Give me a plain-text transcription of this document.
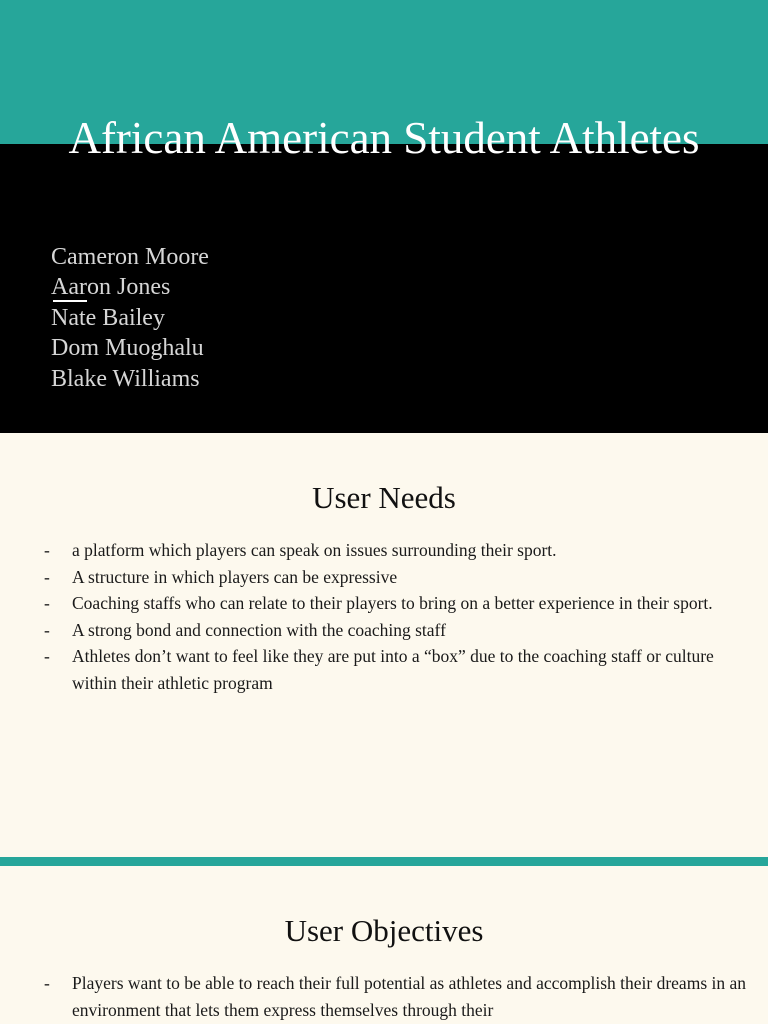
African American Student Athletes
Cameron Moore
Aaron Jones
Nate Bailey
Dom Muoghalu
Blake Williams
User Needs
- a platform which players can speak on issues surrounding their sport.
- A structure in which players can be expressive
- Coaching staffs who can relate to their players to bring on a better experience in their sport.
- A strong bond and connection with the coaching staff
- Athletes don’t want to feel like they are put into a “box” due to the coaching staff or culture within their athletic program
User Objectives
- Players want to be able to reach their full potential as athletes and accomplish their dreams in an environment that lets them express themselves through their
